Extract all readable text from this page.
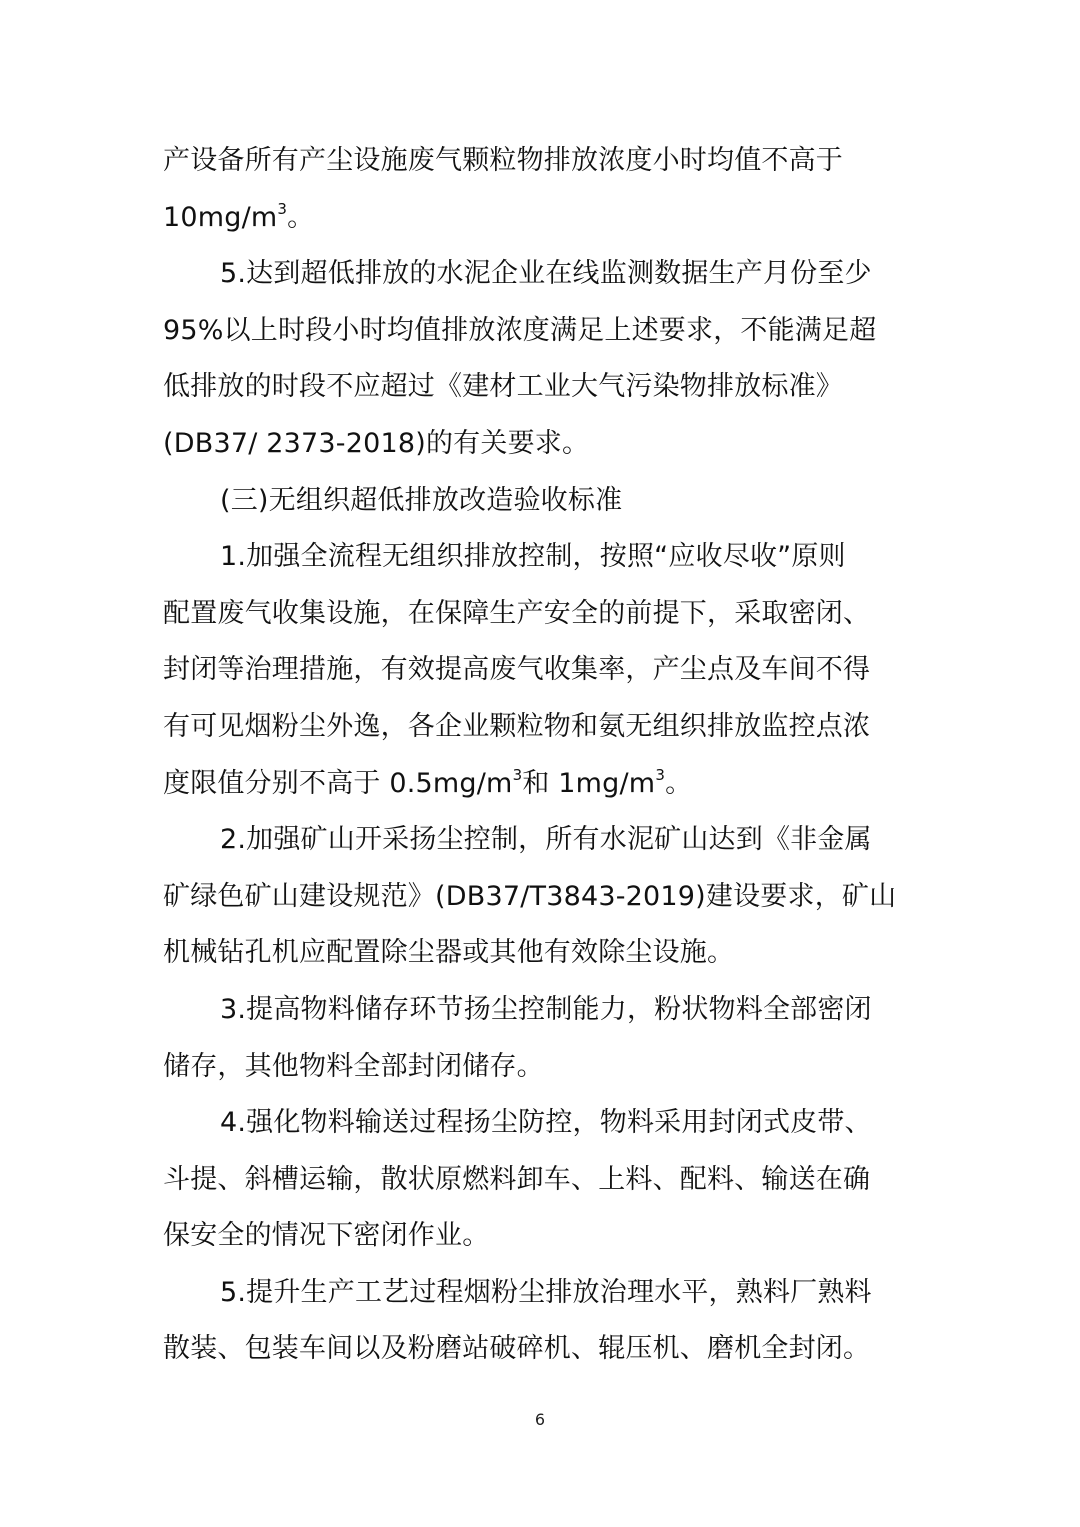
产设备所有产尘设施废气颗粒物排放浓度小时均值不高于
$10mg/m^3$。
5.达到超低排放的水泥企业在线监测数据生产月份至少
95%以上时段小时均值排放浓度满足上述要求，不能满足超
低排放的时段不应超过《建材工业大气污染物排放标准》
(DB37/ 2373-2018)的有关要求。
(三)无组织超低排放改造验收标准
1.加强全流程无组织排放控制，按照“应收尽收”原则
配置废气收集设施，在保障生产安全的前提下，采取密闭、
封闭等治理措施，有效提高废气收集率，产尘点及车间不得
有可见烟粉尘外逸，各企业颗粒物和氨无组织排放监控点浓
度限值分别不高于 $0.5mg/m^3$和 $1mg/m^3$。
2.加强矿山开采扬尘控制，所有水泥矿山达到《非金属
矿绿色矿山建设规范》(DB37/T3843-2019)建设要求，矿山
机械钻孔机应配置除尘器或其他有效除尘设施。
3.提高物料储存环节扬尘控制能力，粉状物料全部密闭
储存，其他物料全部封闭储存。
4.强化物料输送过程扬尘防控，物料采用封闭式皮带、
斗提、斜槽运输，散状原燃料卸车、上料、配料、输送在确
保安全的情况下密闭作业。
5.提升生产工艺过程烟粉尘排放治理水平，熟料厂熟料
散装、包装车间以及粉磨站破碎机、辊压机、磨机全封闭。
6
